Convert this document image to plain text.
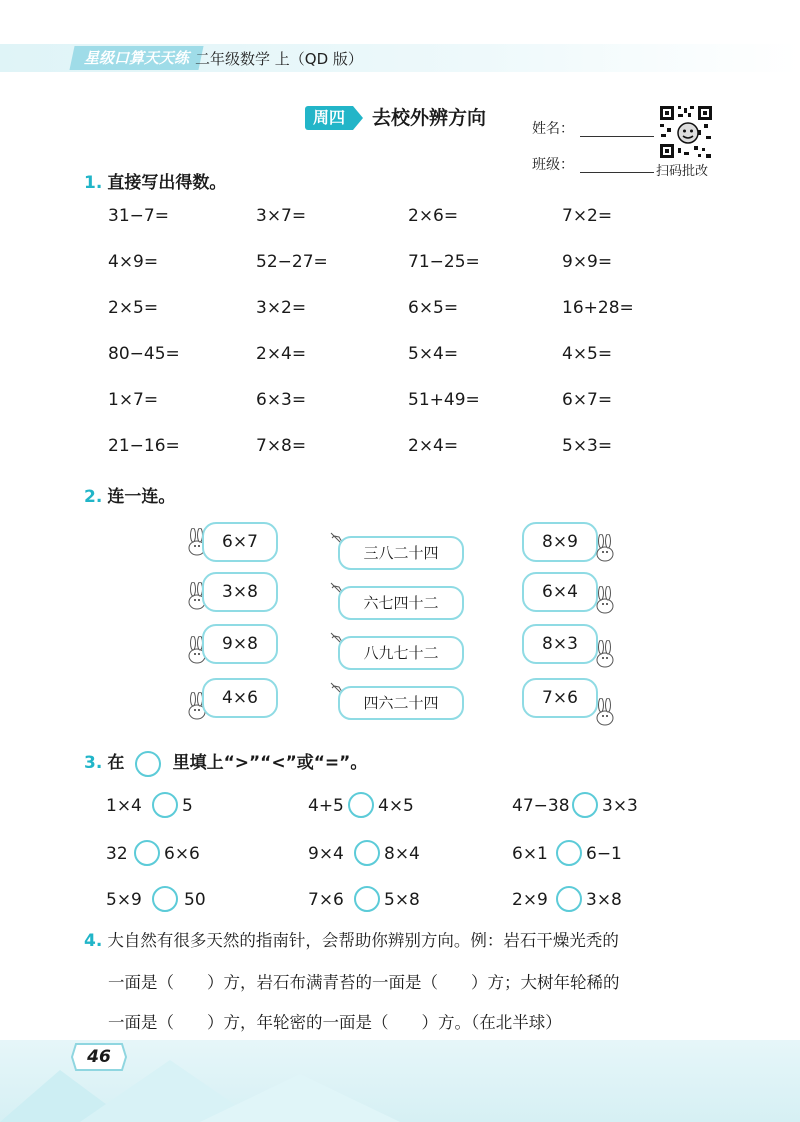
星级口算天天练 二年级数学 上（QD 版）
周四	去校外辨方向	姓名：
班级：	扫码批改
1. 直接写出得数。
31−7=	3×7=	2×6=	7×2=
4×9=	52−27=	71−25=	9×9=
2×5=	3×2=	6×5=	16+28=
80−45=	2×4=	5×4=	4×5=
1×7=	6×3=	51+49=	6×7=
21−16=	7×8=	2×4=	5×3=
2. 连一连。
6×7
3×8
9×8
4×6
三八二十四
六七四十二
八九七十二
四六二十四
8×9
6×4
8×3
7×6
3. 在	里填上“>”“<”或“=”。
1×4 5	4+5 4×5	47−38 3×3
32 6×6	9×4 8×4	6×1 6−1
5×9 50	7×6 5×8	2×9 3×8
4. 大自然有很多天然的指南针，会帮助你辨别方向。例：岩石干燥光秃的
一面是（　　）方，岩石布满青苔的一面是（　　）方；大树年轮稀的
一面是（　　）方，年轮密的一面是（　　）方。（在北半球）
46
